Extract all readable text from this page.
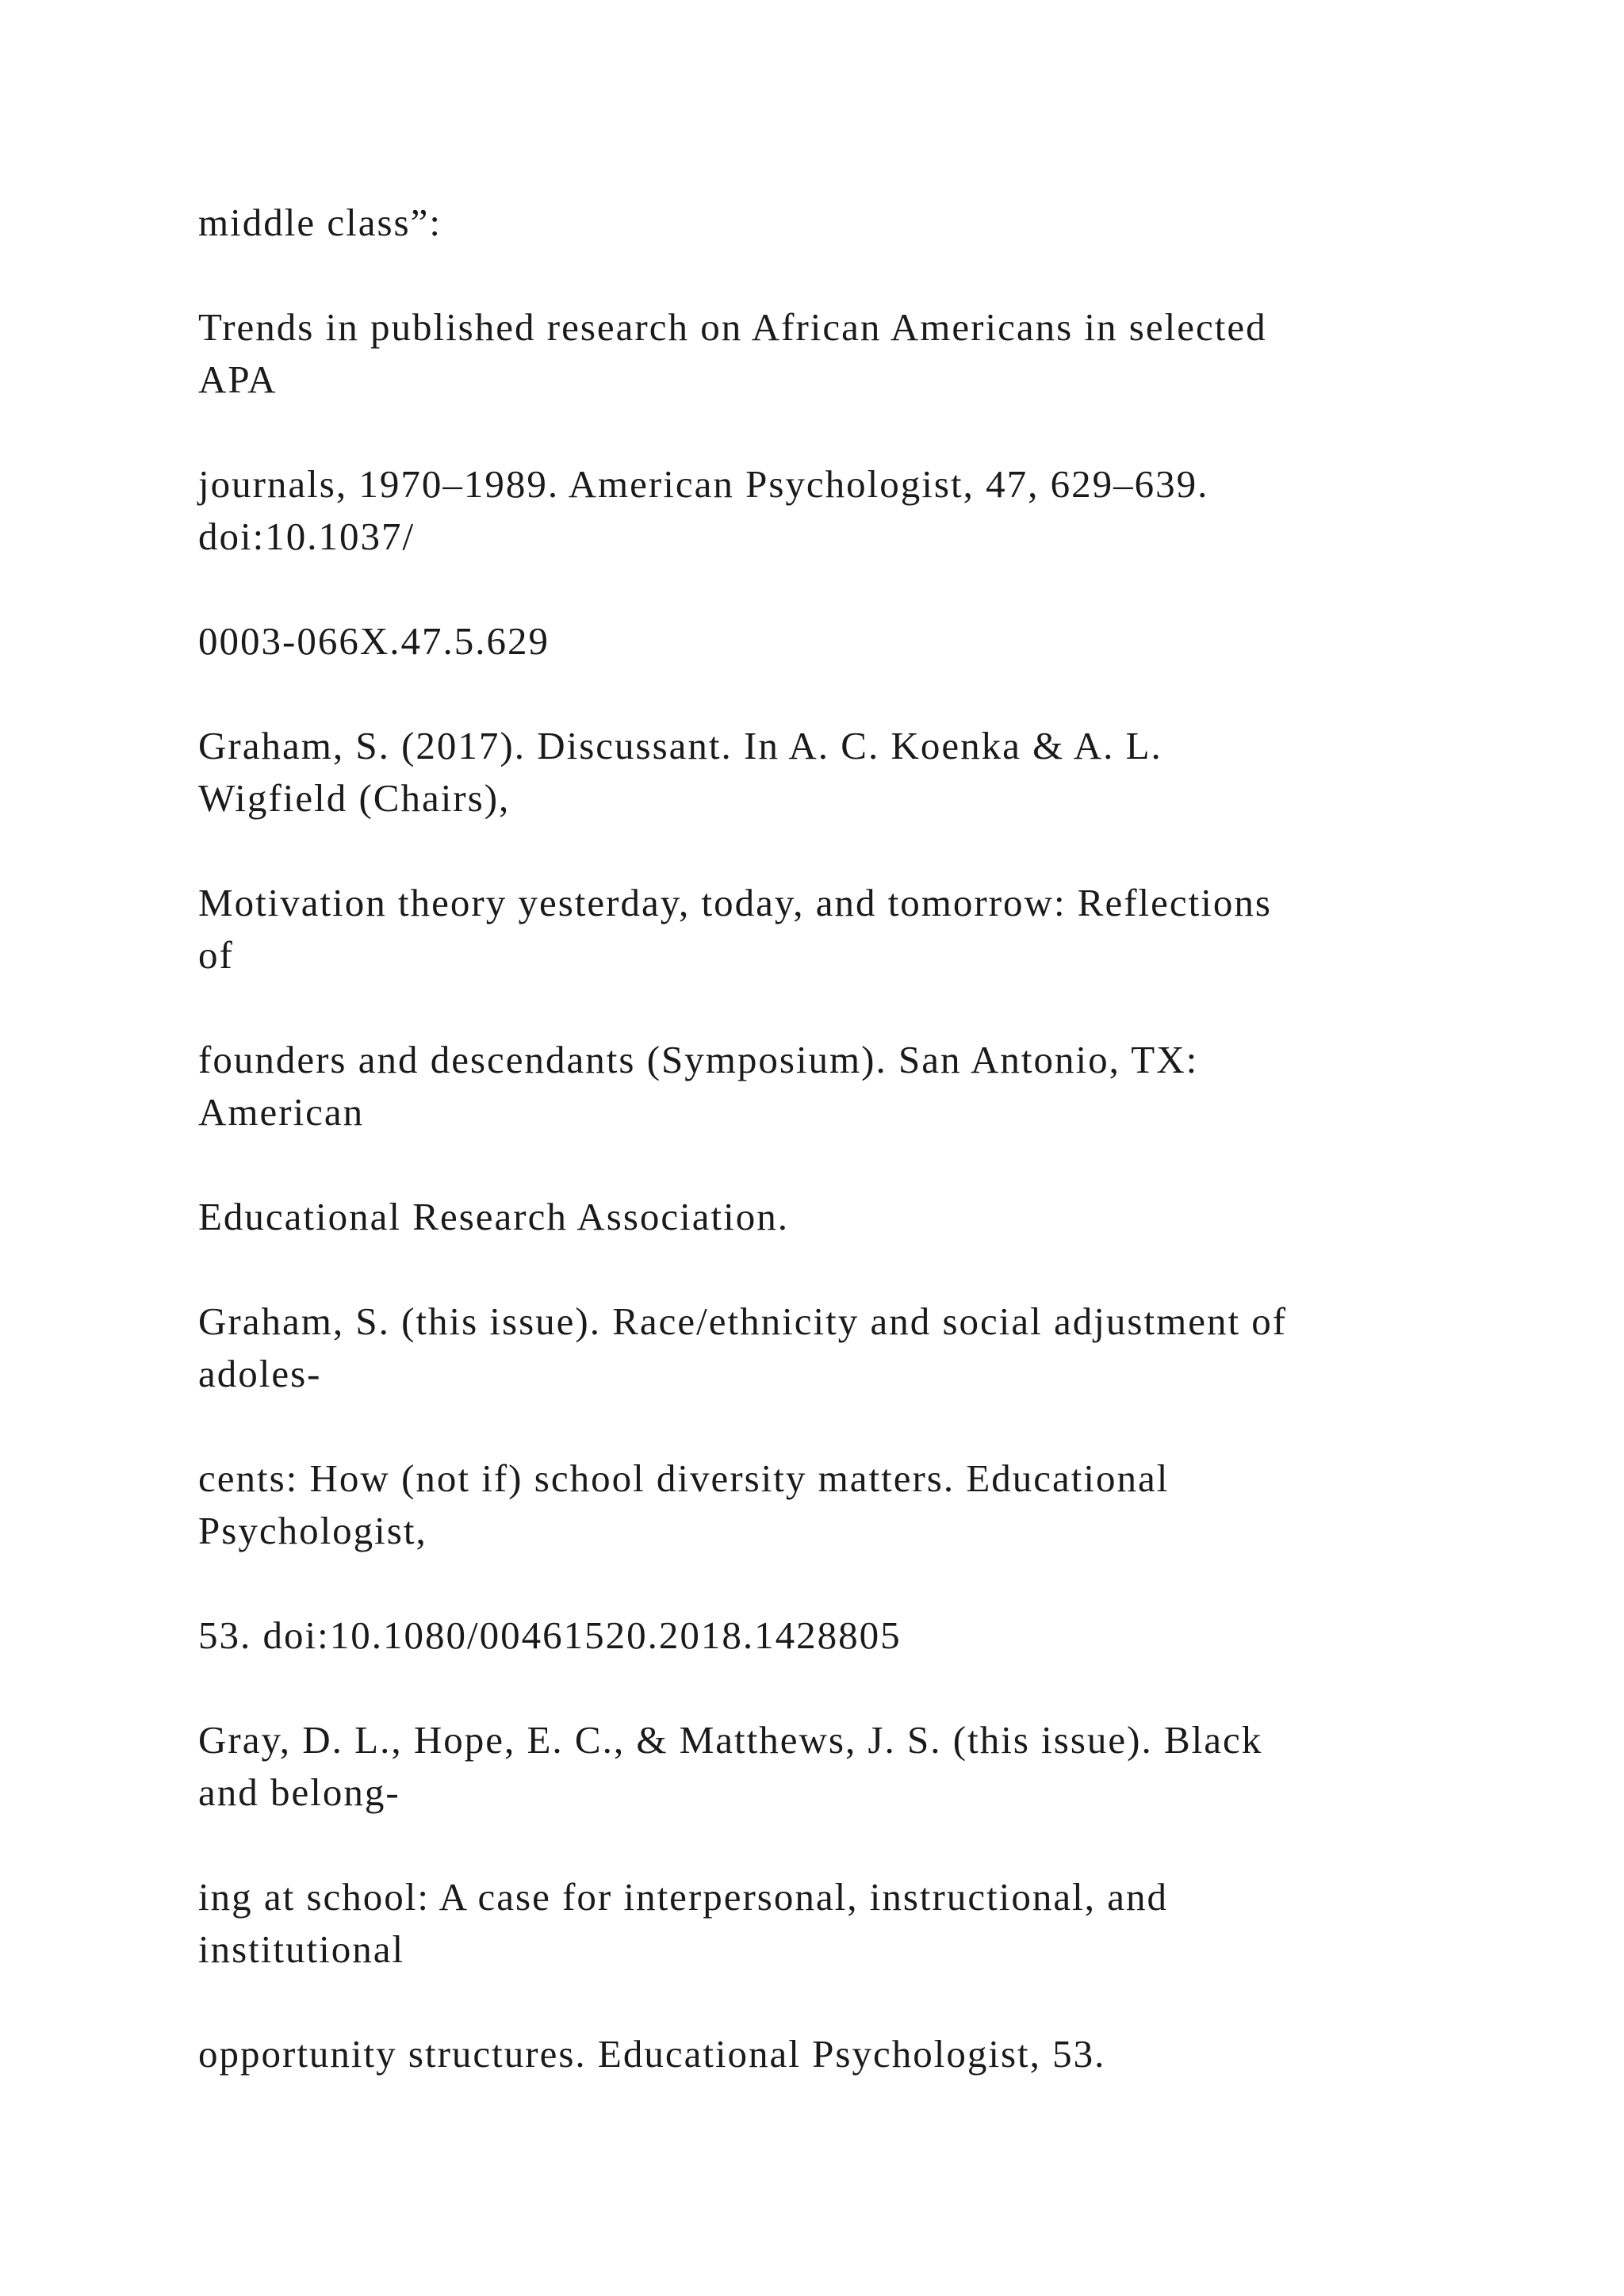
middle class”:

Trends in published research on African Americans in selected

APA

journals, 1970–1989. American Psychologist, 47, 629–639.

doi:10.1037/

0003-066X.47.5.629

Graham, S. (2017). Discussant. In A. C. Koenka & A. L.

Wigfield (Chairs),

Motivation theory yesterday, today, and tomorrow: Reflections

of

founders and descendants (Symposium). San Antonio, TX:

American

Educational Research Association.

Graham, S. (this issue). Race/ethnicity and social adjustment of

adoles-

cents: How (not if) school diversity matters. Educational

Psychologist,

53. doi:10.1080/00461520.2018.1428805

Gray, D. L., Hope, E. C., & Matthews, J. S. (this issue). Black

and belong-

ing at school: A case for interpersonal, instructional, and

institutional

opportunity structures. Educational Psychologist, 53.
